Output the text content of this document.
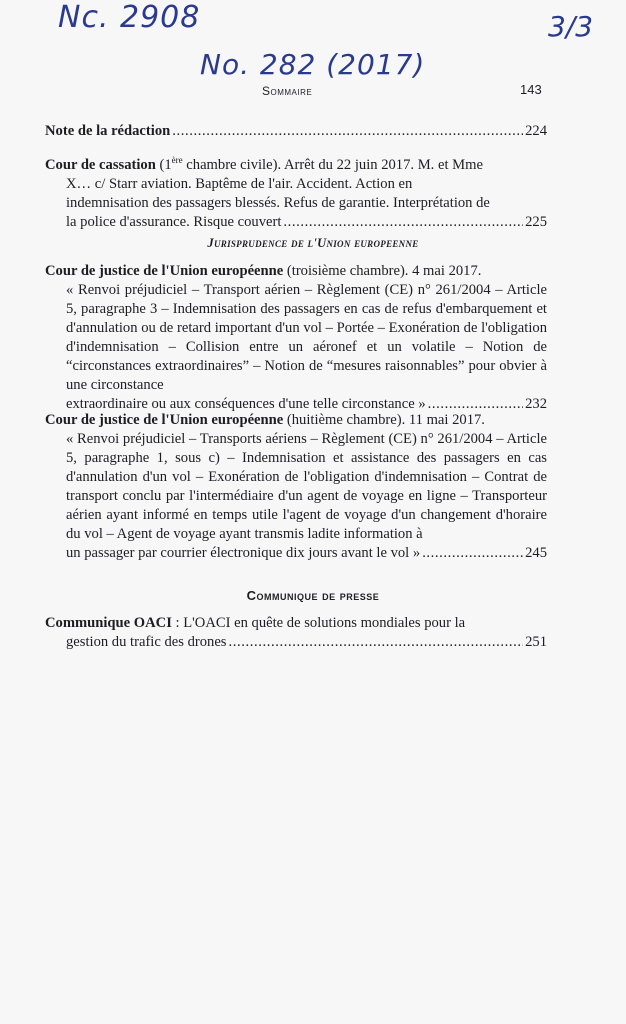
Nc. 2908	3/3
No. 282 (2017)
Sommaire	143
Note de la rédaction .....	224
Cour de cassation (1ère chambre civile). Arrêt du 22 juin 2017. M. et Mme
X… c/ Starr aviation. Baptême de l'air. Accident. Action en
indemnisation des passagers blessés. Refus de garantie. Interprétation de
la police d'assurance. Risque couvert .....	225
Jurisprudence de l'Union europeenne
Cour de justice de l'Union européenne (troisième chambre). 4 mai 2017.
« Renvoi préjudiciel – Transport aérien – Règlement (CE) n° 261/2004 – Article 5, paragraphe 3 – Indemnisation des passagers en cas de refus d'embarquement et d'annulation ou de retard important d'un vol – Portée – Exonération de l'obligation d'indemnisation – Collision entre un aéronef et un volatile – Notion de “circonstances extraordinaires” – Notion de “mesures raisonnables” pour obvier à une circonstance
extraordinaire ou aux conséquences d'une telle circonstance » .....	232
Cour de justice de l'Union européenne (huitième chambre). 11 mai 2017.
« Renvoi préjudiciel – Transports aériens – Règlement (CE) n° 261/2004 – Article 5, paragraphe 1, sous c) – Indemnisation et assistance des passagers en cas d'annulation d'un vol – Exonération de l'obligation d'indemnisation – Contrat de transport conclu par l'intermédiaire d'un agent de voyage en ligne – Transporteur aérien ayant informé en temps utile l'agent de voyage d'un changement d'horaire du vol – Agent de voyage ayant transmis ladite information à
un passager par courrier électronique dix jours avant le vol » .....	245
Communique de presse
Communique OACI : L'OACI en quête de solutions mondiales pour la
gestion du trafic des drones .....	251
